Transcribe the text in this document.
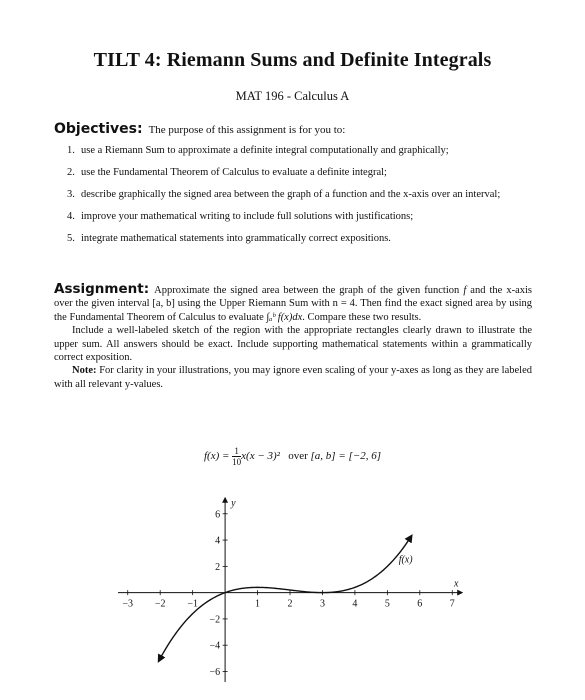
TILT 4: Riemann Sums and Definite Integrals
MAT 196 - Calculus A
Objectives: The purpose of this assignment is for you to:
1. use a Riemann Sum to approximate a definite integral computationally and graphically;
2. use the Fundamental Theorem of Calculus to evaluate a definite integral;
3. describe graphically the signed area between the graph of a function and the x-axis over an interval;
4. improve your mathematical writing to include full solutions with justifications;
5. integrate mathematical statements into grammatically correct expositions.

Assignment: Approximate the signed area between the graph of the given function f and the x-axis over the given interval [a, b] using the Upper Riemann Sum with n = 4. Then find the exact signed area by using the Fundamental Theorem of Calculus to evaluate ∫ₐᵇ f(x)dx. Compare these two results.

Include a well-labeled sketch of the region with the appropriate rectangles clearly drawn to illustrate the upper sum. All answers should be exact. Include supporting mathematical statements within a grammatically correct exposition.

Note: For clarity in your illustrations, you may ignore even scaling of your y-axes as long as they are labeled with all relevant y-values.

$f(x) = \frac{1}{10} x(x - 3)^2$ over [a, b] = [−2, 6]
−3 −2 −1	1	2	3	4	5	6	7
6
4
2
−2
−4
−6
x
y
f(x)
